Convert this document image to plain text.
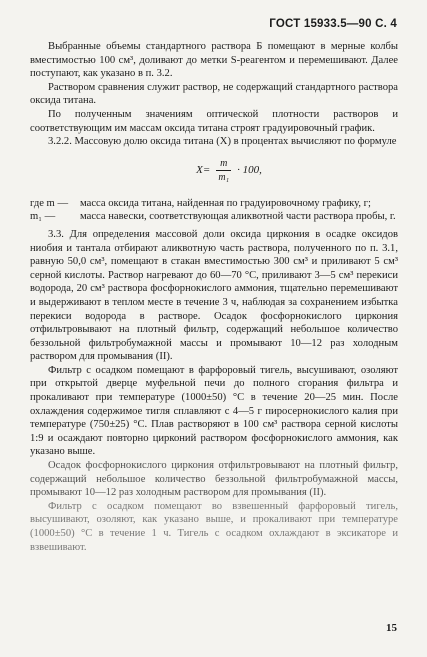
ГОСТ 15933.5—90 С. 4

Выбранные объемы стандартного раствора Б помещают в мерные колбы вместимостью 100 см³, доливают до метки S-реагентом и перемешивают. Далее поступают, как указано в п. 3.2.

Раствором сравнения служит раствор, не содержащий стандартного раствора оксида титана.

По полученным значениям оптической плотности растворов и соответствующим им массам оксида титана строят градуировочный график.

3.2.2. Массовую долю оксида титана (X) в процентах вычисляют по формуле

$X= \frac{m}{\text{m₁}} \cdot 100$,

где m —	масса оксида титана, найденная по градуировочному графику, г;

m₁ —	масса навески, соответствующая аликвотной части раствора пробы, г.

3.3. Для определения массовой доли оксида циркония в осадке оксидов ниобия и тантала отбирают аликвотную часть раствора, полученного по п. 3.1, равную 50,0 см³, помещают в стакан вместимостью 300 см³ и приливают 5 см³ серной кислоты. Раствор нагревают до 60—70 °С, приливают 3—5 см³ перекиси водорода, 20 см³ раствора фосфорнокислого аммония, тщательно перемешивают и выдерживают в теплом месте в течение 3 ч, наблюдая за сохранением избытка перекиси водорода в растворе. Осадок фосфорнокислого циркония отфильтровывают на плотный фильтр, содержащий небольшое количество беззольной фильтробумажной массы и промывают 10—12 раз холодным раствором для промывания (II).

Фильтр с осадком помещают в фарфоровый тигель, высушивают, озоляют при открытой дверце муфельной печи до полного сгорания фильтра и прокаливают при температуре (1000±50) °С в течение 20—25 мин. После охлаждения содержимое тигля сплавляют с 4—5 г пиросернокислого калия при температуре (750±25) °С. Плав растворяют в 100 см³ раствора серной кислоты 1:9 и осаждают повторно цирконий раствором фосфорнокислого аммония, как указано выше.

Осадок фосфорнокислого циркония отфильтровывают на плотный фильтр, содержащий небольшое количество беззольной фильтробумажной массы, промывают 10—12 раз холодным раствором для промывания (II).

Фильтр с осадком помещают во взвешенный фарфоровый тигель, высушивают, озоляют, как указано выше, и прокаливают при температуре (1000±50) °С в течение 1 ч. Тигель с осадком охлаждают в эксикаторе и взвешивают.

15
